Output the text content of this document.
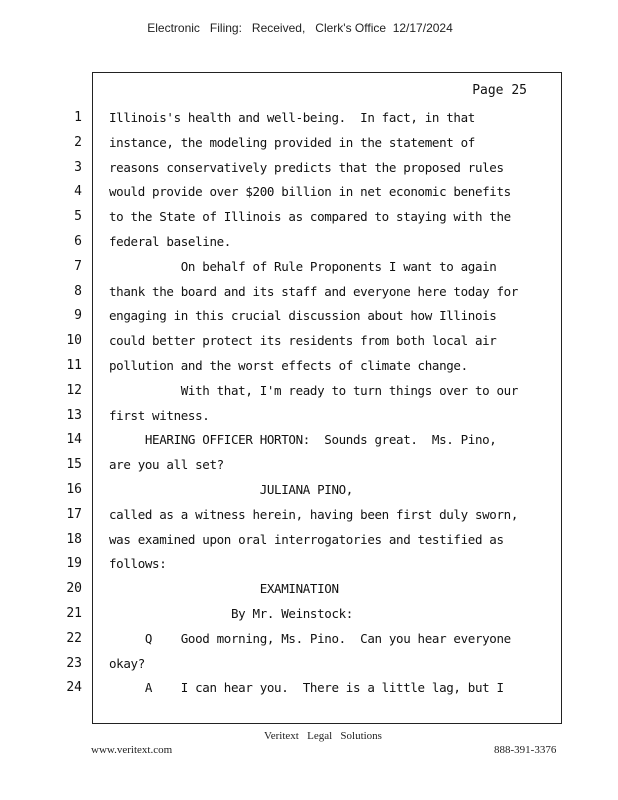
Electronic   Filing:   Received,   Clerk's Office  12/17/2024
Page 25
1 Illinois's health and well-being.  In fact, in that
2 instance, the modeling provided in the statement of
3 reasons conservatively predicts that the proposed rules
4 would provide over $200 billion in net economic benefits
5 to the State of Illinois as compared to staying with the
6 federal baseline.
7 On behalf of Rule Proponents I want to again
8 thank the board and its staff and everyone here today for
9 engaging in this crucial discussion about how Illinois
10 could better protect its residents from both local air
11 pollution and the worst effects of climate change.
12 With that, I'm ready to turn things over to our
13 first witness.
14 HEARING OFFICER HORTON:  Sounds great.  Ms. Pino,
15 are you all set?
16 JULIANA PINO,
17 called as a witness herein, having been first duly sworn,
18 was examined upon oral interrogatories and testified as
19 follows:
20 EXAMINATION
21 By Mr. Weinstock:
22 Q    Good morning, Ms. Pino.  Can you hear everyone
23 okay?
24 A    I can hear you.  There is a little lag, but I
Veritext   Legal   Solutions
www.veritext.com	888-391-3376
